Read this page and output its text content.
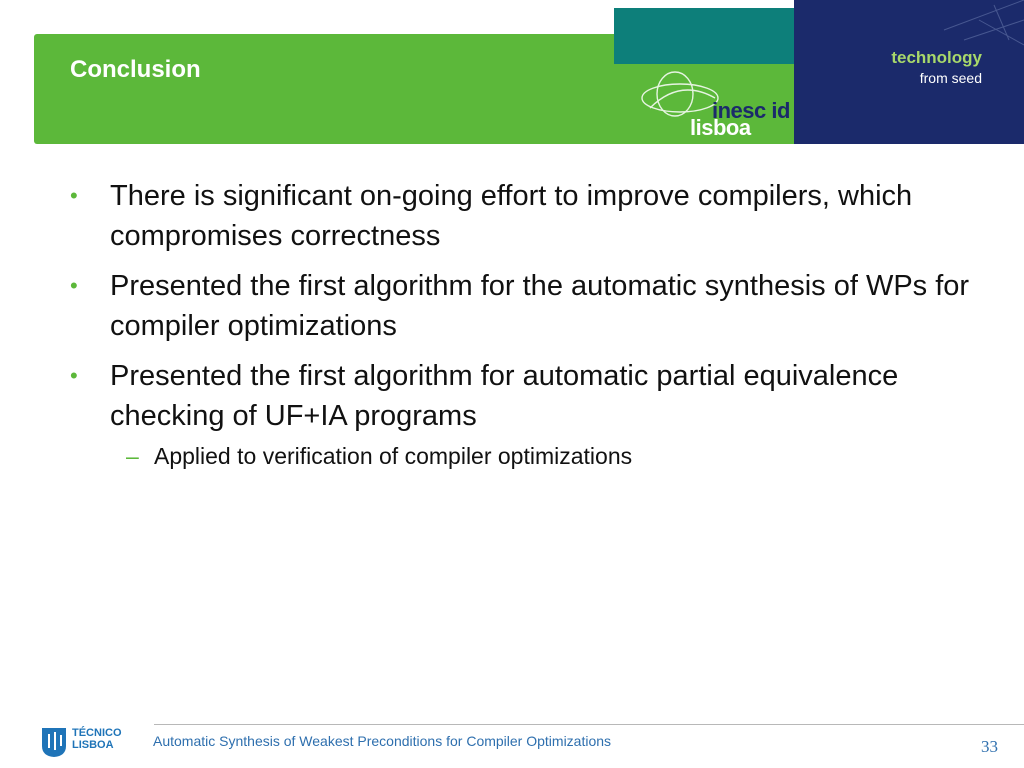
technology
from seed
Conclusion
inesc id
lisboa
• There is significant on-going effort to improve compilers, which compromises correctness
• Presented the first algorithm for the automatic synthesis of WPs for compiler optimizations
• Presented the first algorithm for automatic partial equivalence checking of UF+IA programs
– Applied to verification of compiler optimizations
TÉCNICO
LISBOA	Automatic Synthesis of Weakest Preconditions for Compiler Optimizations	33
